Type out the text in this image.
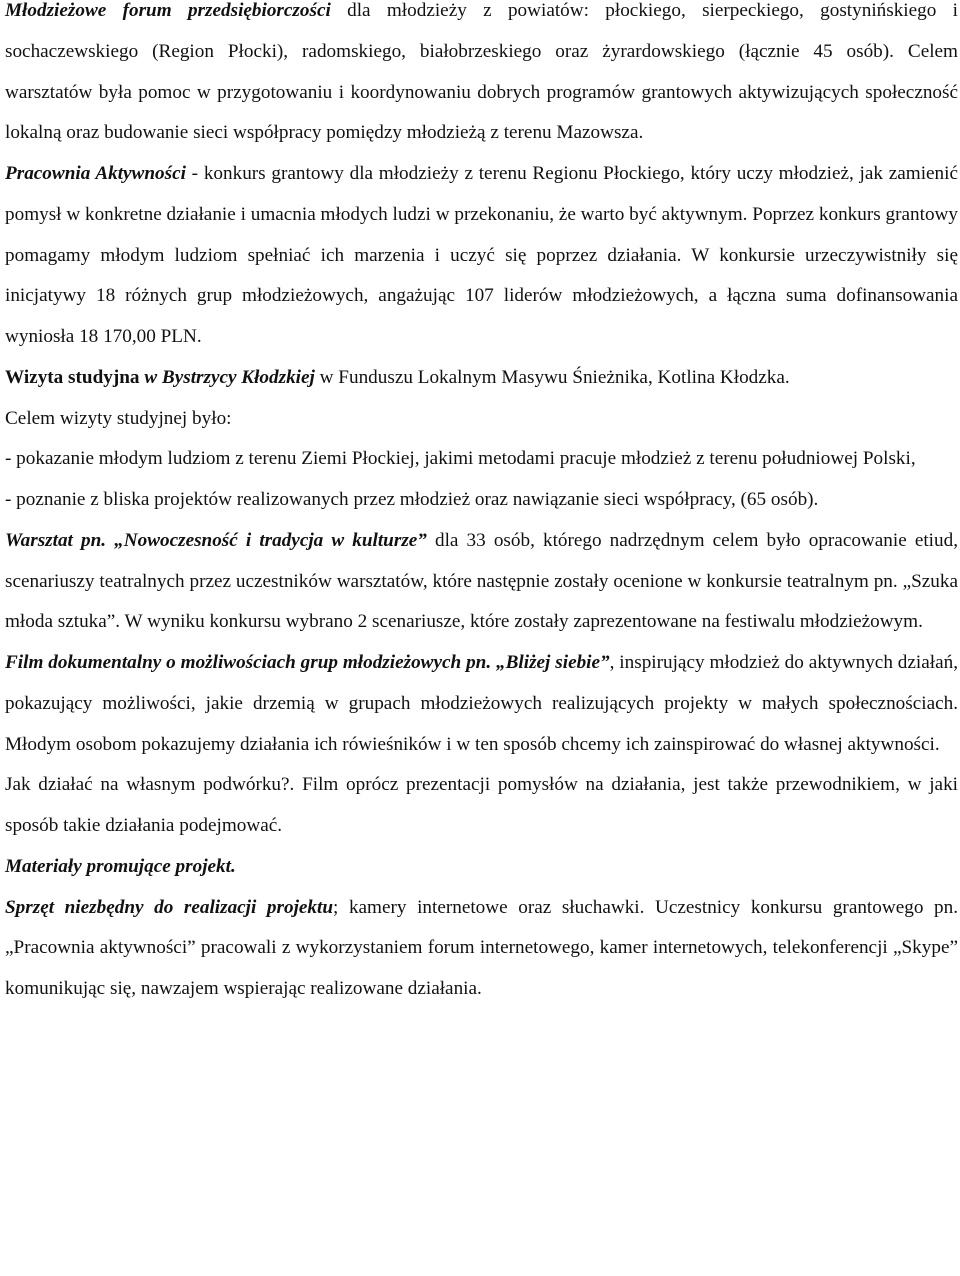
Młodzieżowe forum przedsiębiorczości dla młodzieży z powiatów: płockiego, sierpeckiego, gostynińskiego i sochaczewskiego (Region Płocki), radomskiego, białobrzeskiego oraz żyrardowskiego (łącznie 45 osób). Celem warsztatów była pomoc w przygotowaniu i koordynowaniu dobrych programów grantowych aktywizujących społeczność lokalną oraz budowanie sieci współpracy pomiędzy młodzieżą z terenu Mazowsza.

Pracownia Aktywności - konkurs grantowy dla młodzieży z terenu Regionu Płockiego, który uczy młodzież, jak zamienić pomysł w konkretne działanie i umacnia młodych ludzi w przekonaniu, że warto być aktywnym. Poprzez konkurs grantowy pomagamy młodym ludziom spełniać ich marzenia i uczyć się poprzez działania. W konkursie urzeczywistniły się inicjatywy 18 różnych grup młodzieżowych, angażując 107 liderów młodzieżowych, a łączna suma dofinansowania wyniosła 18 170,00 PLN.

Wizyta studyjna w Bystrzycy Kłodzkiej w Funduszu Lokalnym Masywu Śnieżnika, Kotlina Kłodzka.

Celem wizyty studyjnej było:

- pokazanie młodym ludziom z terenu Ziemi Płockiej, jakimi metodami pracuje młodzież z terenu południowej Polski,

- poznanie z bliska projektów realizowanych przez młodzież oraz nawiązanie sieci współpracy, (65 osób).

Warsztat pn. „Nowoczesność i tradycja w kulturze” dla 33 osób, którego nadrzędnym celem było opracowanie etiud, scenariuszy teatralnych przez uczestników warsztatów, które następnie zostały ocenione w konkursie teatralnym pn. „Szuka młoda sztuka”. W wyniku konkursu wybrano 2 scenariusze, które zostały zaprezentowane na festiwalu młodzieżowym.

Film dokumentalny o możliwościach grup młodzieżowych pn. „Bliżej siebie”, inspirujący młodzież do aktywnych działań, pokazujący możliwości, jakie drzemią w grupach młodzieżowych realizujących projekty w małych społecznościach. Młodym osobom pokazujemy działania ich rówieśników i w ten sposób chcemy ich zainspirować do własnej aktywności.

Jak działać na własnym podwórku?. Film oprócz prezentacji pomysłów na działania, jest także przewodnikiem, w jaki sposób takie działania podejmować.

Materiały promujące projekt.

Sprzęt niezbędny do realizacji projektu; kamery internetowe oraz słuchawki. Uczestnicy konkursu grantowego pn. „Pracownia aktywności” pracowali z wykorzystaniem forum internetowego, kamer internetowych, telekonferencji „Skype” komunikując się, nawzajem wspierając realizowane działania.
